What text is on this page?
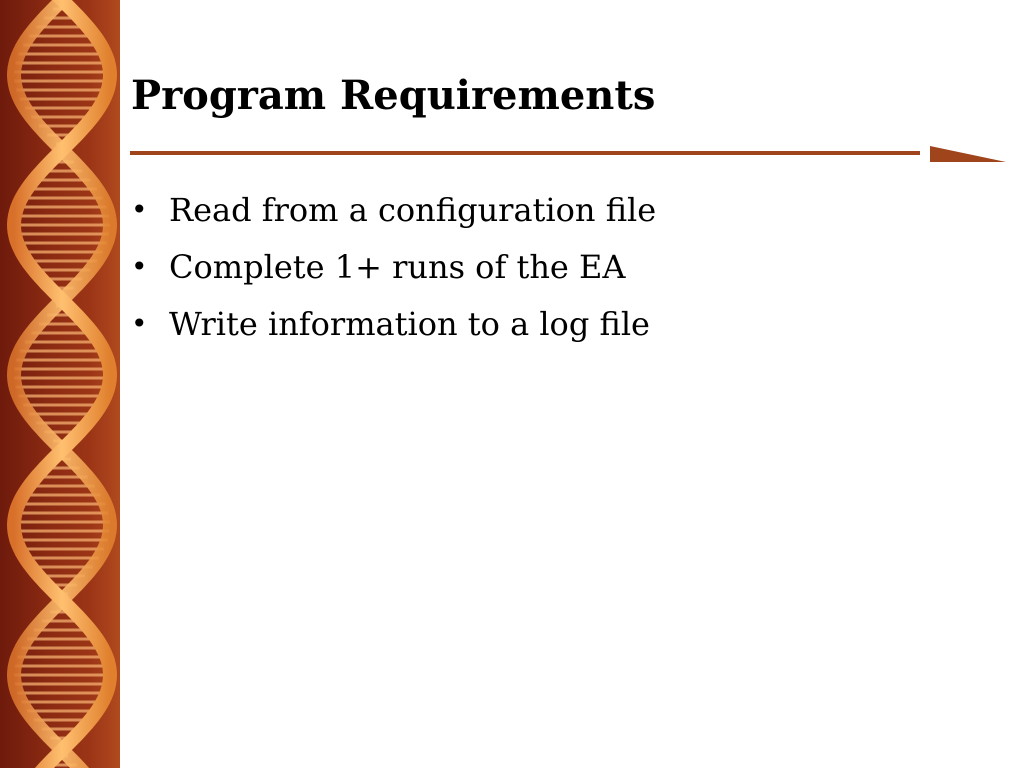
Program Requirements
• Read from a configuration file
• Complete 1+ runs of the EA
• Write information to a log file
